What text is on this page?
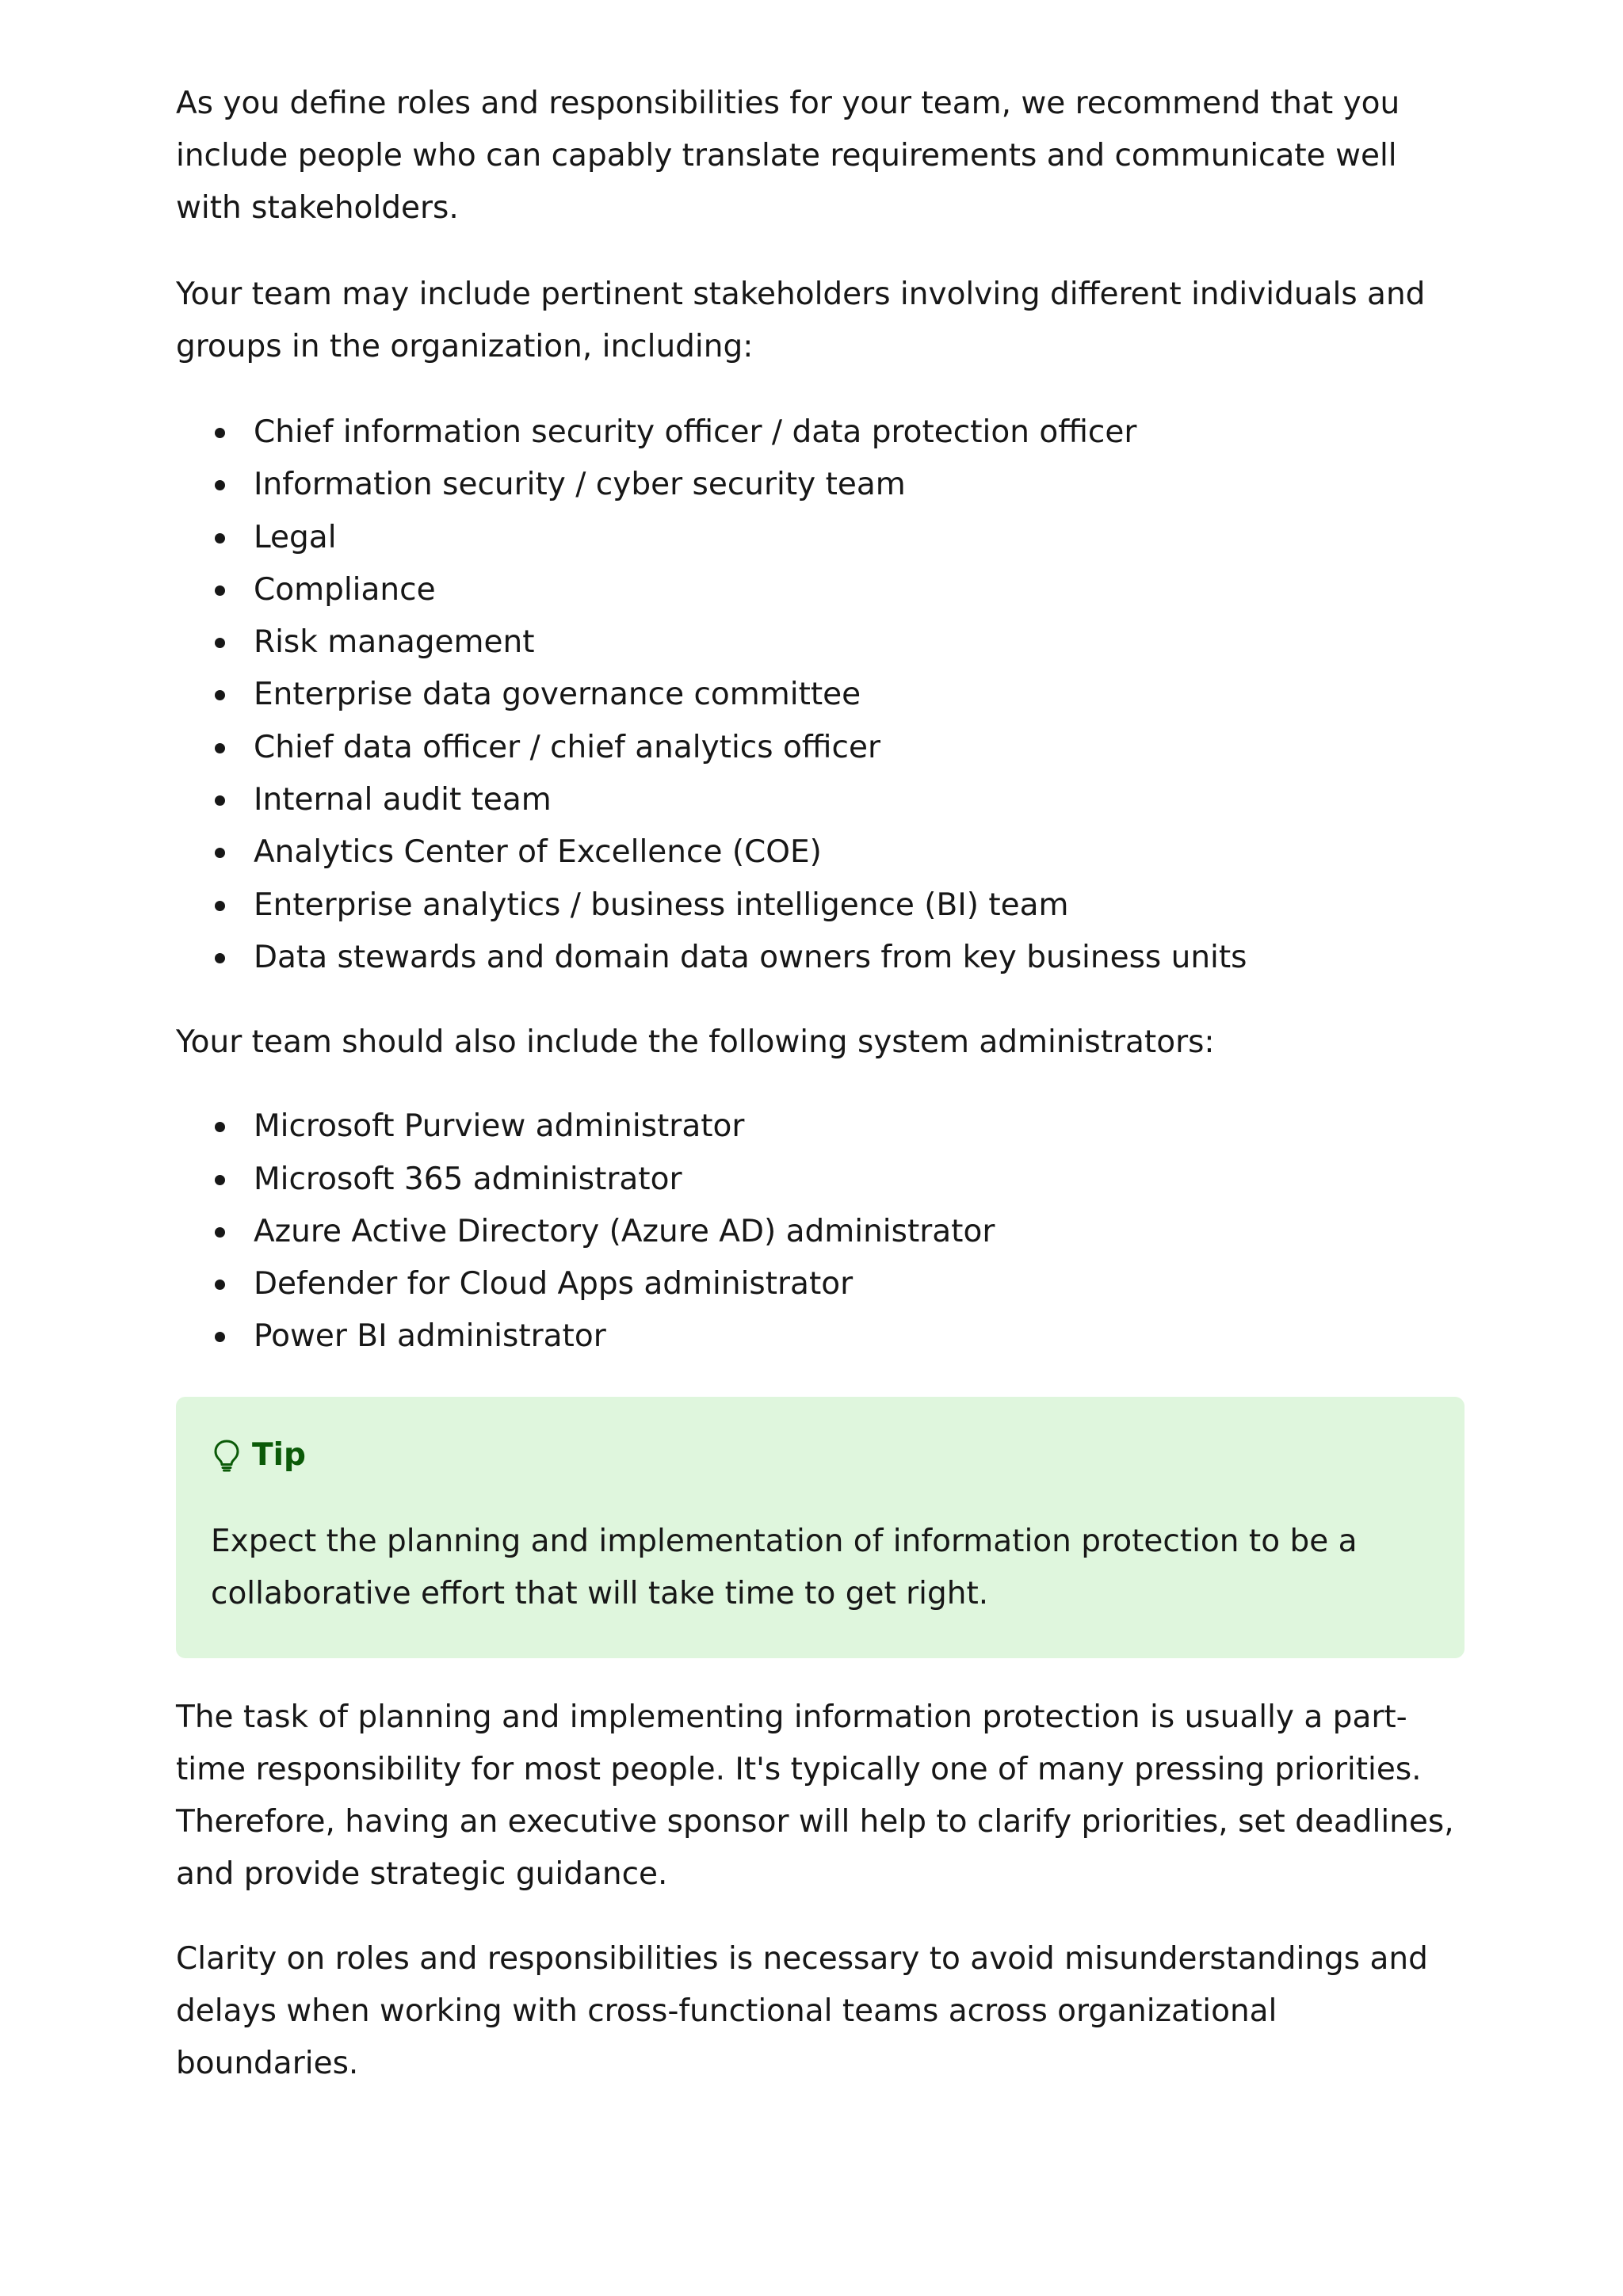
As you define roles and responsibilities for your team, we recommend that you include people who can capably translate requirements and communicate well with stakeholders.

Your team may include pertinent stakeholders involving different individuals and groups in the organization, including:

Chief information security officer / data protection officer
Information security / cyber security team
Legal
Compliance
Risk management
Enterprise data governance committee
Chief data officer / chief analytics officer
Internal audit team
Analytics Center of Excellence (COE)
Enterprise analytics / business intelligence (BI) team
Data stewards and domain data owners from key business units

Your team should also include the following system administrators:

Microsoft Purview administrator
Microsoft 365 administrator
Azure Active Directory (Azure AD) administrator
Defender for Cloud Apps administrator
Power BI administrator
Tip

Expect the planning and implementation of information protection to be a collaborative effort that will take time to get right.

The task of planning and implementing information protection is usually a part-time responsibility for most people. It's typically one of many pressing priorities. Therefore, having an executive sponsor will help to clarify priorities, set deadlines, and provide strategic guidance.

Clarity on roles and responsibilities is necessary to avoid misunderstandings and delays when working with cross-functional teams across organizational boundaries.
